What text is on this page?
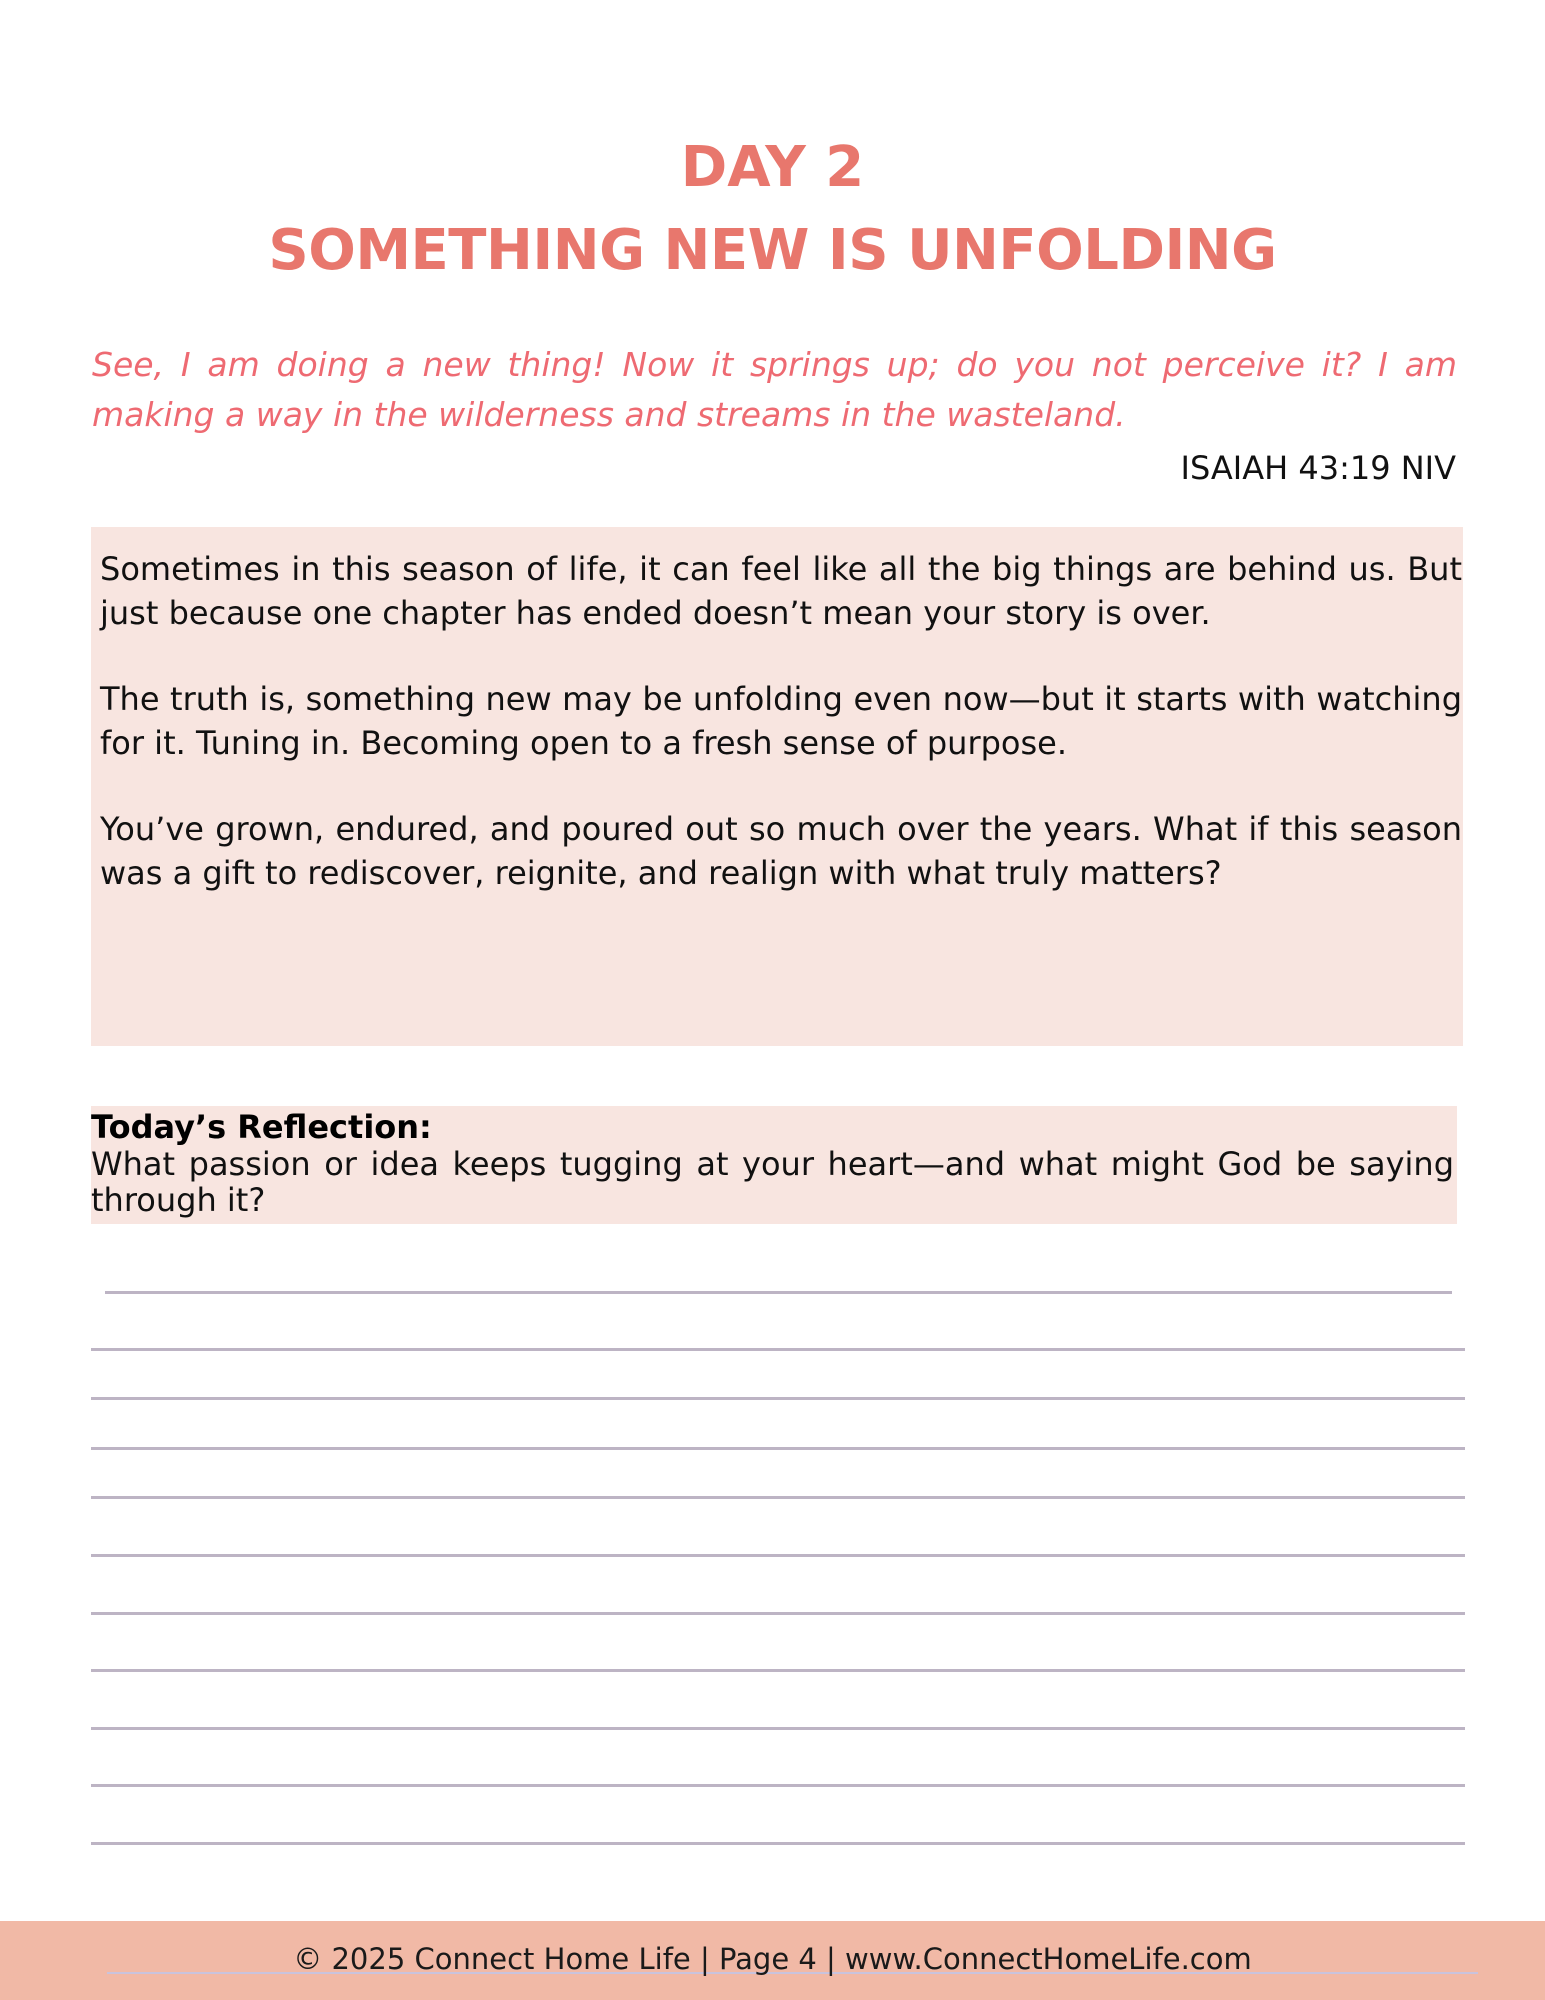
DAY 2
SOMETHING NEW IS UNFOLDING

See, I am doing a new thing! Now it springs up; do you not perceive it? I am making a way in the wilderness and streams in the wasteland.

ISAIAH 43:19 NIV

Sometimes in this season of life, it can feel like all the big things are behind us. But just because one chapter has ended doesn’t mean your story is over.

The truth is, something new may be unfolding even now—but it starts with watching for it. Tuning in. Becoming open to a fresh sense of purpose.

You’ve grown, endured, and poured out so much over the years. What if this season was a gift to rediscover, reignite, and realign with what truly matters?

Today’s Reflection:

What passion or idea keeps tugging at your heart—and what might God be saying through it?

© 2025 Connect Home Life | Page 4 | www.ConnectHomeLife.com
